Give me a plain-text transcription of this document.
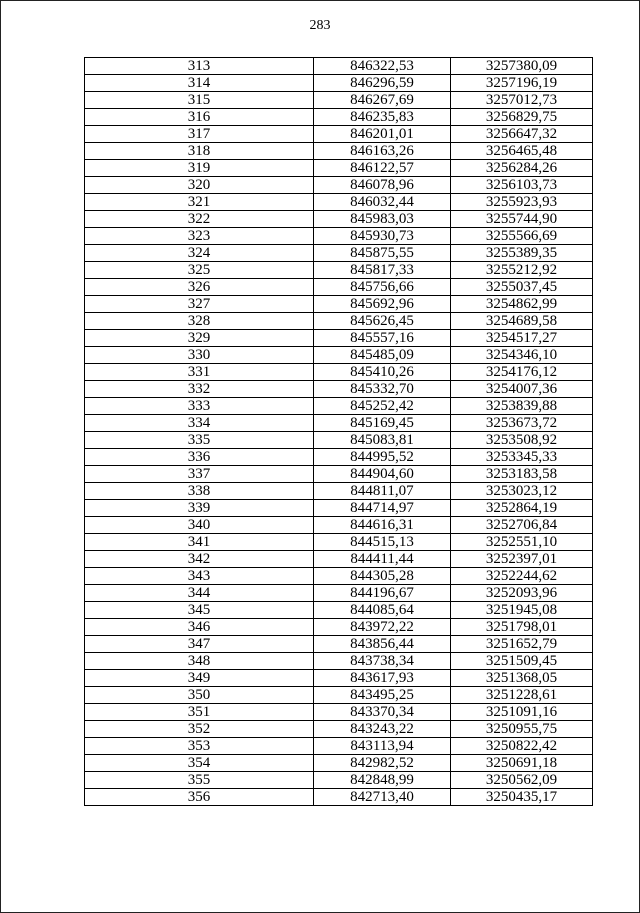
283
313	846322,53	3257380,09
314	846296,59	3257196,19
315	846267,69	3257012,73
316	846235,83	3256829,75
317	846201,01	3256647,32
318	846163,26	3256465,48
319	846122,57	3256284,26
320	846078,96	3256103,73
321	846032,44	3255923,93
322	845983,03	3255744,90
323	845930,73	3255566,69
324	845875,55	3255389,35
325	845817,33	3255212,92
326	845756,66	3255037,45
327	845692,96	3254862,99
328	845626,45	3254689,58
329	845557,16	3254517,27
330	845485,09	3254346,10
331	845410,26	3254176,12
332	845332,70	3254007,36
333	845252,42	3253839,88
334	845169,45	3253673,72
335	845083,81	3253508,92
336	844995,52	3253345,33
337	844904,60	3253183,58
338	844811,07	3253023,12
339	844714,97	3252864,19
340	844616,31	3252706,84
341	844515,13	3252551,10
342	844411,44	3252397,01
343	844305,28	3252244,62
344	844196,67	3252093,96
345	844085,64	3251945,08
346	843972,22	3251798,01
347	843856,44	3251652,79
348	843738,34	3251509,45
349	843617,93	3251368,05
350	843495,25	3251228,61
351	843370,34	3251091,16
352	843243,22	3250955,75
353	843113,94	3250822,42
354	842982,52	3250691,18
355	842848,99	3250562,09
356	842713,40	3250435,17
